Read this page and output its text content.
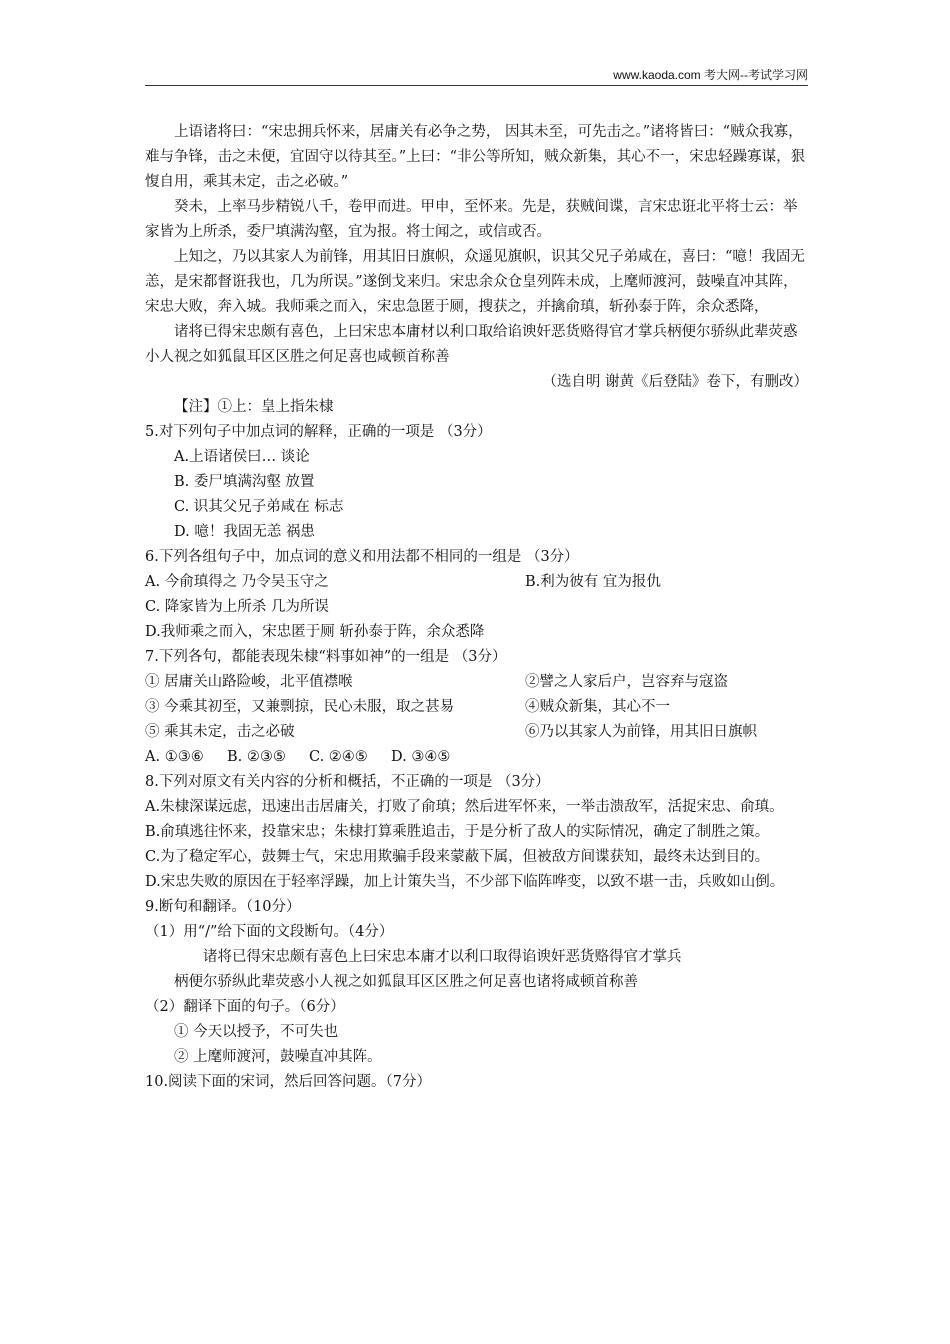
www.kaoda.com 考大网--考试学习网

上语诸将曰：“宋忠拥兵怀来，居庸关有必争之势， 因其未至，可先击之。”诸将皆曰：“贼众我寡，难与争锋，击之未便，宜固守以待其至。”上曰：“非公等所知，贼众新集，其心不一，宋忠轻躁寡谋，狠愎自用，乘其未定，击之必破。”

癸未，上率马步精锐八千，卷甲而进。甲申，至怀来。先是，获贼间谍，言宋忠诳北平将士云：举家皆为上所杀，委尸填满沟壑，宜为报。将士闻之，或信或否。

上知之，乃以其家人为前锋，用其旧日旗帜，众遥见旗帜，识其父兄子弟咸在，喜曰：“噫！我固无恙，是宋都督诳我也，几为所误。”遂倒戈来归。宋忠余众仓皇列阵未成，上麾师渡河，鼓噪直冲其阵，宋忠大败，奔入城。我师乘之而入，宋忠急匿于厕，搜获之，并擒俞瑱，斩孙泰于阵，余众悉降，

诸将已得宋忠颇有喜色，上曰宋忠本庸材以利口取给谄谀奸恶货赂得官才掌兵柄便尔骄纵此辈荧惑小人视之如狐鼠耳区区胜之何足喜也咸顿首称善

（选自明 谢黄《后登陆》卷下，有删改）

【注】①上：皇上指朱棣

5.对下列句子中加点词的解释，正确的一项是 （3分）

A.上语诸侯曰… 谈论

B. 委尸填满沟壑 放置

C. 识其父兄子弟咸在 标志

D. 噫！我固无恙 祸患

6.下列各组句子中，加点词的意义和用法都不相同的一组是 （3分）

A. 今俞瑱得之 乃令吴玉守之	B.利为彼有 宜为报仇

C. 降家皆为上所杀 几为所误

D.我师乘之而入，宋忠匿于厕 斩孙泰于阵，余众悉降

7.下列各句，都能表现朱棣“料事如神”的一组是 （3分）

① 居庸关山路险峻，北平值襟喉	②譬之人家后户，岂容弃与寇盗
③ 今乘其初至，又兼剽掠，民心未服，取之甚易	④贼众新集，其心不一
⑤ 乘其未定，击之必破	⑥乃以其家人为前锋，用其旧日旗帜

A. ①③⑥ B. ②③⑤ C. ②④⑤ D. ③④⑤

8.下列对原文有关内容的分析和概括，不正确的一项是 （3分）

A.朱棣深谋远虑，迅速出击居庸关，打败了俞瑱；然后进军怀来，一举击溃敌军，活捉宋忠、俞瑱。

B.俞瑱逃往怀来，投靠宋忠；朱棣打算乘胜追击，于是分析了敌人的实际情况，确定了制胜之策。

C.为了稳定军心，鼓舞士气，宋忠用欺骗手段来蒙蔽下属，但被敌方间谍获知，最终未达到目的。

D.宋忠失败的原因在于轻率浮躁，加上计策失当，不少部下临阵哗变，以致不堪一击，兵败如山倒。

9.断句和翻译。（10分）

（1）用“/”给下面的文段断句。（4分）

诸将已得宋忠颇有喜色上曰宋忠本庸才以利口取得谄谀奸恶货赂得官才掌兵

柄便尔骄纵此辈荧惑小人视之如狐鼠耳区区胜之何足喜也诸将咸顿首称善

（2）翻译下面的句子。（6分）

① 今天以授予，不可失也

② 上麾师渡河，鼓噪直冲其阵。

10.阅读下面的宋词，然后回答问题。（7分）
